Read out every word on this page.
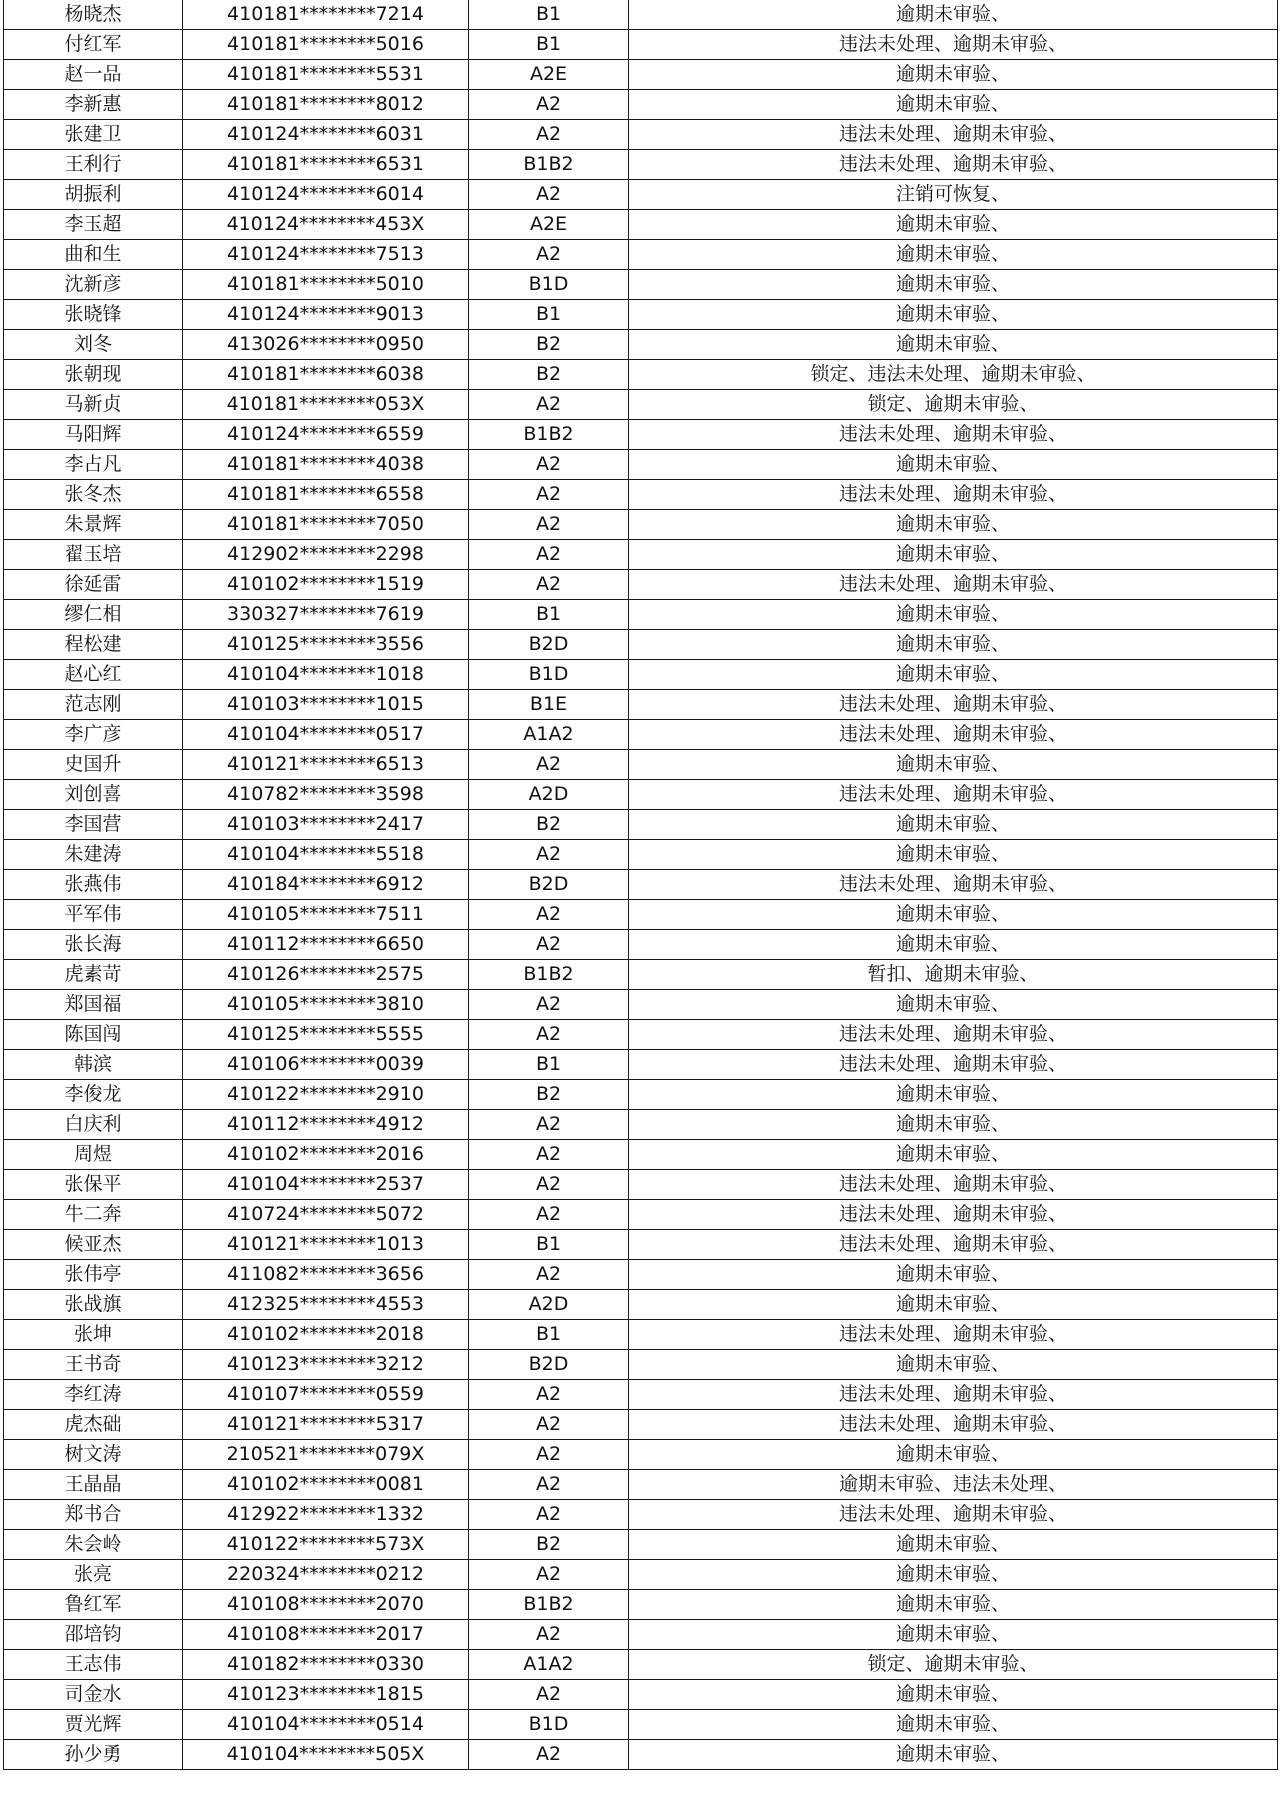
杨晓杰	410181********7214	B1	逾期未审验、
付红军	410181********5016	B1	违法未处理、逾期未审验、
赵一品	410181********5531	A2E	逾期未审验、
李新惠	410181********8012	A2	逾期未审验、
张建卫	410124********6031	A2	违法未处理、逾期未审验、
王利行	410181********6531	B1B2	违法未处理、逾期未审验、
胡振利	410124********6014	A2	注销可恢复、
李玉超	410124********453X	A2E	逾期未审验、
曲和生	410124********7513	A2	逾期未审验、
沈新彦	410181********5010	B1D	逾期未审验、
张晓锋	410124********9013	B1	逾期未审验、
刘冬	413026********0950	B2	逾期未审验、
张朝现	410181********6038	B2	锁定、违法未处理、逾期未审验、
马新贞	410181********053X	A2	锁定、逾期未审验、
马阳辉	410124********6559	B1B2	违法未处理、逾期未审验、
李占凡	410181********4038	A2	逾期未审验、
张冬杰	410181********6558	A2	违法未处理、逾期未审验、
朱景辉	410181********7050	A2	逾期未审验、
翟玉培	412902********2298	A2	逾期未审验、
徐延雷	410102********1519	A2	违法未处理、逾期未审验、
缪仁相	330327********7619	B1	逾期未审验、
程松建	410125********3556	B2D	逾期未审验、
赵心红	410104********1018	B1D	逾期未审验、
范志刚	410103********1015	B1E	违法未处理、逾期未审验、
李广彦	410104********0517	A1A2	违法未处理、逾期未审验、
史国升	410121********6513	A2	逾期未审验、
刘创喜	410782********3598	A2D	违法未处理、逾期未审验、
李国营	410103********2417	B2	逾期未审验、
朱建涛	410104********5518	A2	逾期未审验、
张燕伟	410184********6912	B2D	违法未处理、逾期未审验、
平军伟	410105********7511	A2	逾期未审验、
张长海	410112********6650	A2	逾期未审验、
虎素苛	410126********2575	B1B2	暂扣、逾期未审验、
郑国福	410105********3810	A2	逾期未审验、
陈国闯	410125********5555	A2	违法未处理、逾期未审验、
韩滨	410106********0039	B1	违法未处理、逾期未审验、
李俊龙	410122********2910	B2	逾期未审验、
白庆利	410112********4912	A2	逾期未审验、
周煜	410102********2016	A2	逾期未审验、
张保平	410104********2537	A2	违法未处理、逾期未审验、
牛二奔	410724********5072	A2	违法未处理、逾期未审验、
候亚杰	410121********1013	B1	违法未处理、逾期未审验、
张伟亭	411082********3656	A2	逾期未审验、
张战旗	412325********4553	A2D	逾期未审验、
张坤	410102********2018	B1	违法未处理、逾期未审验、
王书奇	410123********3212	B2D	逾期未审验、
李红涛	410107********0559	A2	违法未处理、逾期未审验、
虎杰础	410121********5317	A2	违法未处理、逾期未审验、
树文涛	210521********079X	A2	逾期未审验、
王晶晶	410102********0081	A2	逾期未审验、违法未处理、
郑书合	412922********1332	A2	违法未处理、逾期未审验、
朱会岭	410122********573X	B2	逾期未审验、
张亮	220324********0212	A2	逾期未审验、
鲁红军	410108********2070	B1B2	逾期未审验、
邵培钧	410108********2017	A2	逾期未审验、
王志伟	410182********0330	A1A2	锁定、逾期未审验、
司金水	410123********1815	A2	逾期未审验、
贾光辉	410104********0514	B1D	逾期未审验、
孙少勇	410104********505X	A2	逾期未审验、
